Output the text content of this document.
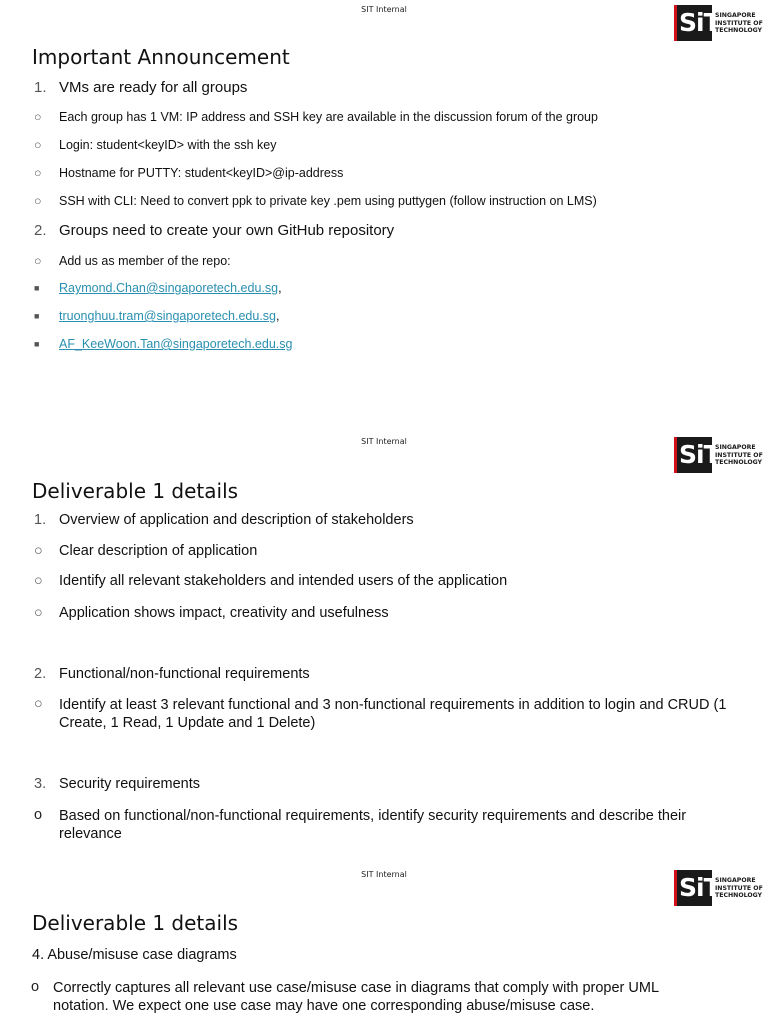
SIT Internal	SiT
SINGAPORE INSTITUTE OF TECHNOLOGY
Important Announcement
1. VMs are ready for all groups
○ Each group has 1 VM: IP address and SSH key are available in the discussion forum of the group
○ Login: student<keyID> with the ssh key
○ Hostname for PUTTY: student<keyID>@ip-address
○ SSH with CLI: Need to convert ppk to private key .pem using puttygen (follow instruction on LMS)
2. Groups need to create your own GitHub repository
○ Add us as member of the repo:
■ Raymond.Chan@singaporetech.edu.sg,
■ truonghuu.tram@singaporetech.edu.sg,
■ AF_KeeWoon.Tan@singaporetech.edu.sg
SIT Internal	SiT
SINGAPORE INSTITUTE OF TECHNOLOGY
Deliverable 1 details
1. Overview of application and description of stakeholders
○ Clear description of application
○ Identify all relevant stakeholders and intended users of the application
○ Application shows impact, creativity and usefulness
2. Functional/non-functional requirements
○ Identify at least 3 relevant functional and 3 non-functional requirements in addition to login and CRUD (1 Create, 1 Read, 1 Update and 1 Delete)
3. Security requirements
o Based on functional/non-functional requirements, identify security requirements and describe their relevance
SIT Internal	SiT
SINGAPORE INSTITUTE OF TECHNOLOGY
Deliverable 1 details
4. Abuse/misuse case diagrams
o Correctly captures all relevant use case/misuse case in diagrams that comply with proper UML notation. We expect one use case may have one corresponding abuse/misuse case.
